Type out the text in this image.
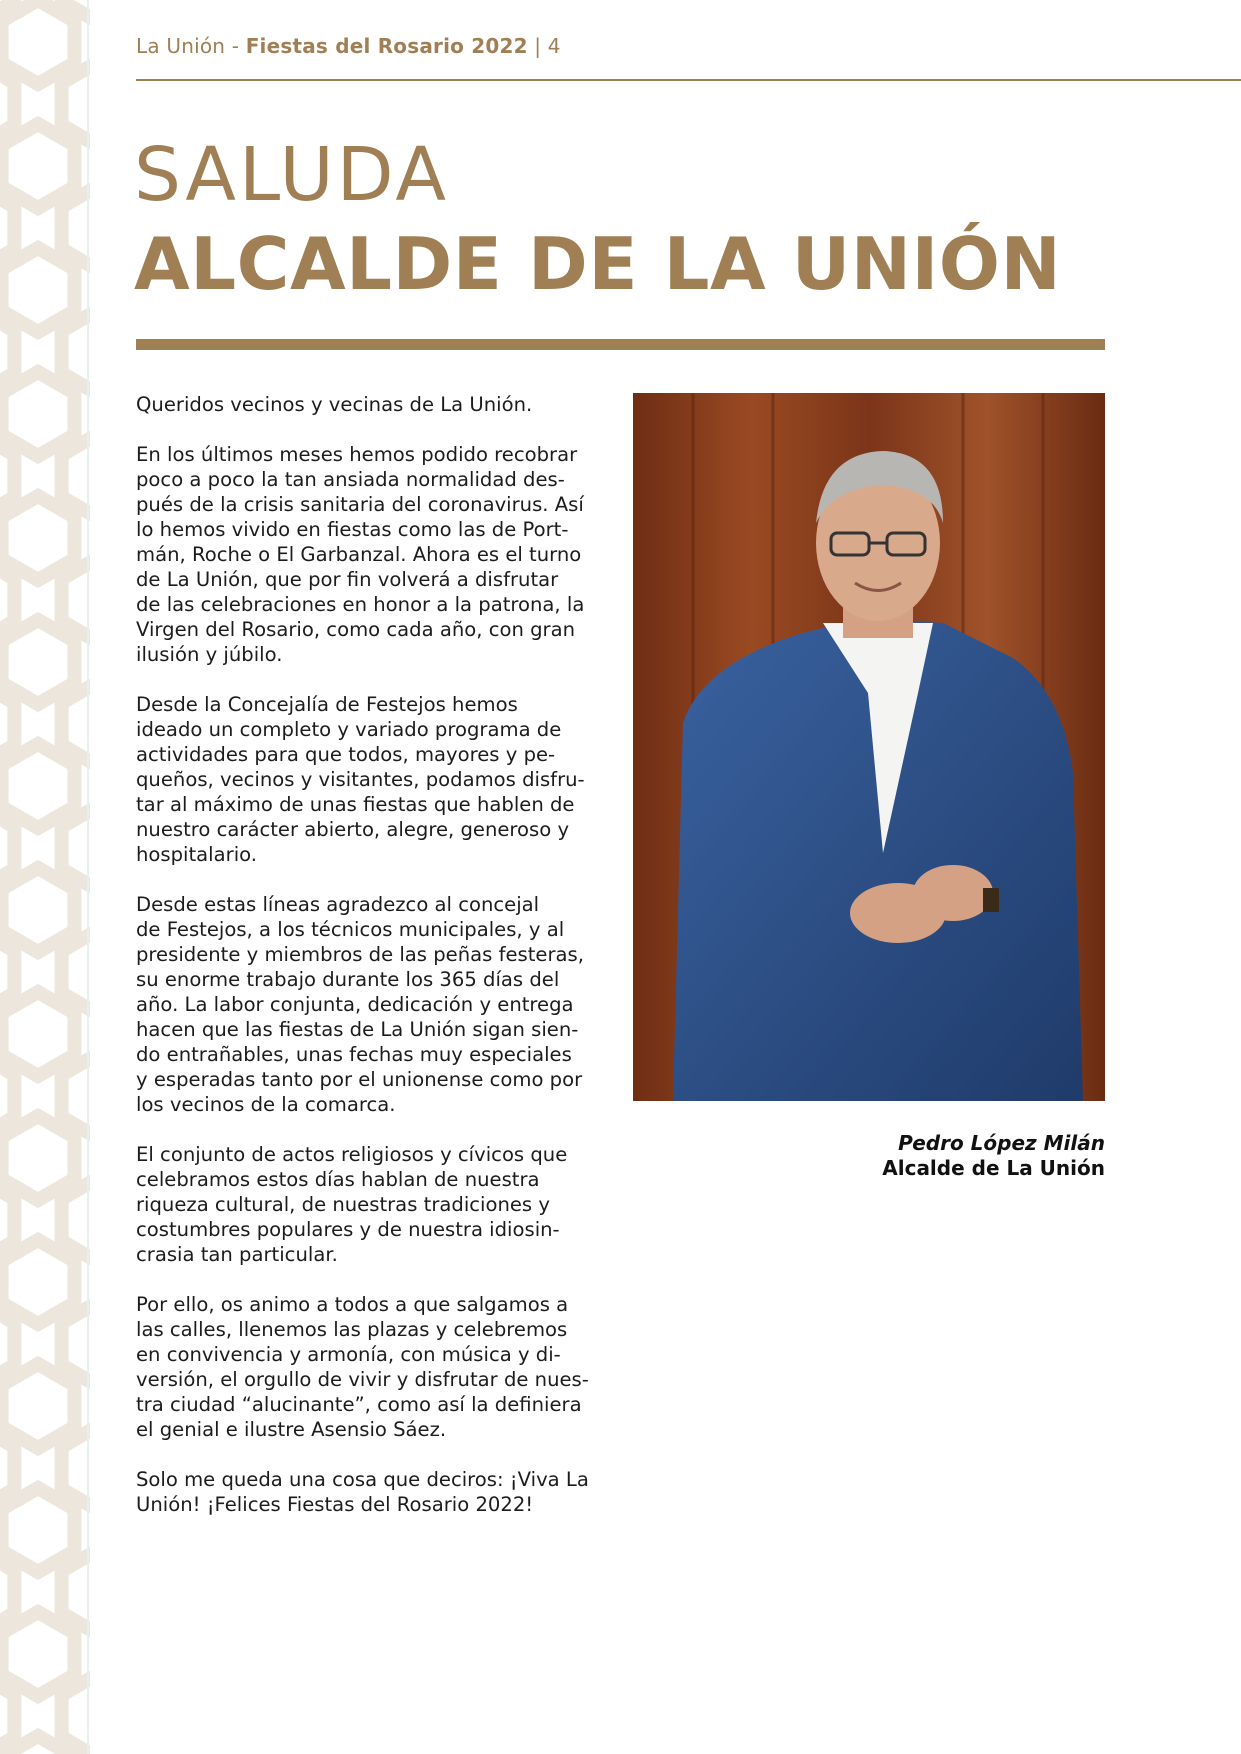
La Unión - Fiestas del Rosario 2022 | 4
SALUDA
ALCALDE DE LA UNIÓN

Queridos vecinos y vecinas de La Unión.

En los últimos meses hemos podido recobrar
poco a poco la tan ansiada normalidad des-
pués de la crisis sanitaria del coronavirus. Así
lo hemos vivido en fiestas como las de Port-
mán, Roche o El Garbanzal. Ahora es el turno
de La Unión, que por fin volverá a disfrutar
de las celebraciones en honor a la patrona, la
Virgen del Rosario, como cada año, con gran
ilusión y júbilo.

Desde la Concejalía de Festejos hemos
ideado un completo y variado programa de
actividades para que todos, mayores y pe-
queños, vecinos y visitantes, podamos disfru-
tar al máximo de unas fiestas que hablen de
nuestro carácter abierto, alegre, generoso y
hospitalario.

Desde estas líneas agradezco al concejal
de Festejos, a los técnicos municipales, y al
presidente y miembros de las peñas festeras,
su enorme trabajo durante los 365 días del
año. La labor conjunta, dedicación y entrega
hacen que las fiestas de La Unión sigan sien-
do entrañables, unas fechas muy especiales
y esperadas tanto por el unionense como por
los vecinos de la comarca.

El conjunto de actos religiosos y cívicos que
celebramos estos días hablan de nuestra
riqueza cultural, de nuestras tradiciones y
costumbres populares y de nuestra idiosin-
crasia tan particular.

Por ello, os animo a todos a que salgamos a
las calles, llenemos las plazas y celebremos
en convivencia y armonía, con música y di-
versión, el orgullo de vivir y disfrutar de nues-
tra ciudad “alucinante”, como así la definiera
el genial e ilustre Asensio Sáez.

Solo me queda una cosa que deciros: ¡Viva La
Unión! ¡Felices Fiestas del Rosario 2022!

Pedro López Milán
Alcalde de La Unión
